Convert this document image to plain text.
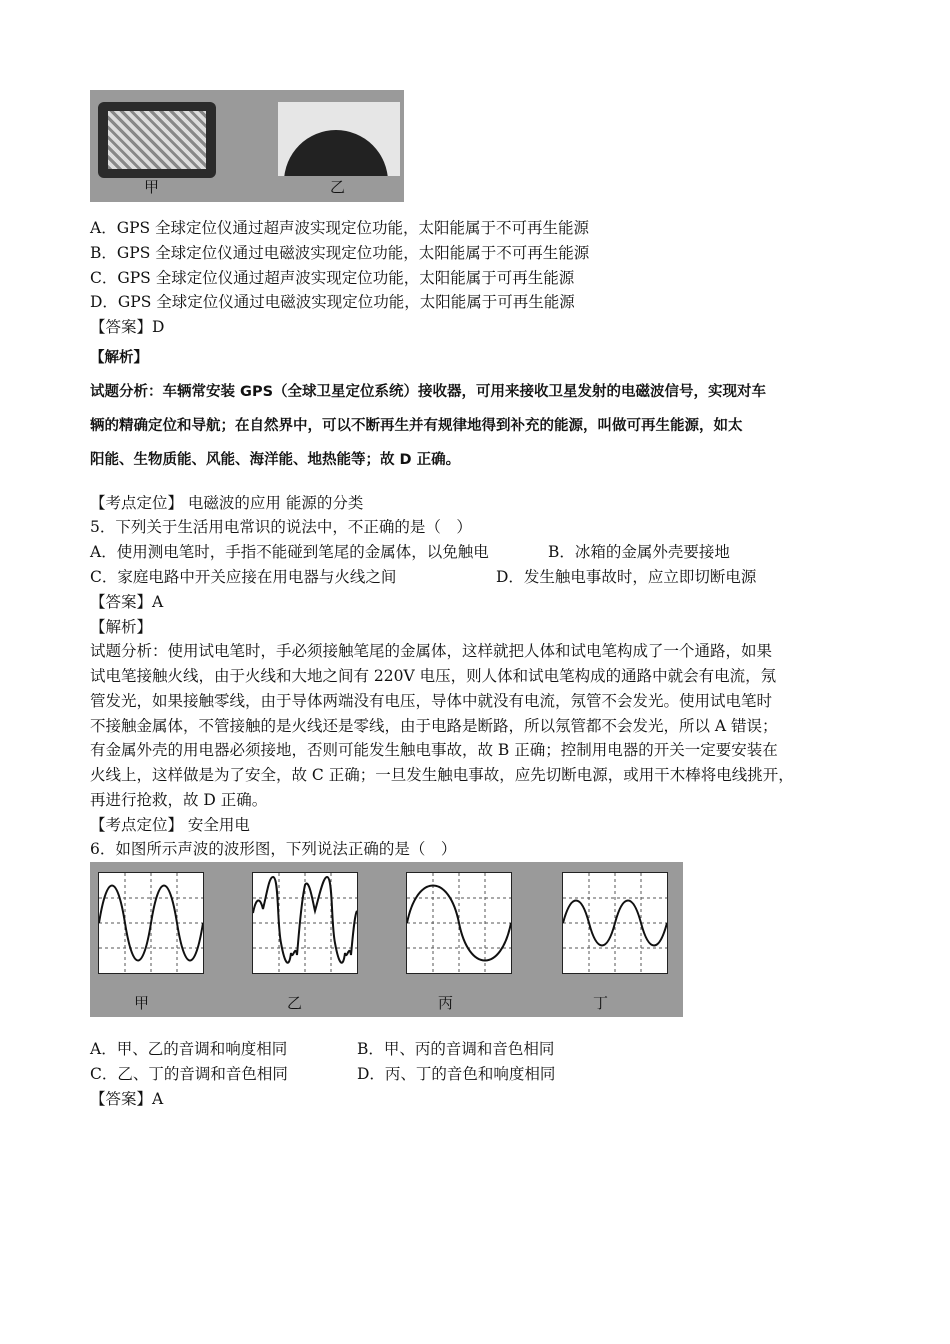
甲	乙
A．GPS 全球定位仪通过超声波实现定位功能，太阳能属于不可再生能源
B．GPS 全球定位仪通过电磁波实现定位功能，太阳能属于不可再生能源
C．GPS 全球定位仪通过超声波实现定位功能，太阳能属于可再生能源
D．GPS 全球定位仪通过电磁波实现定位功能，太阳能属于可再生能源
【答案】D
【解析】
试题分析：车辆常安装 GPS（全球卫星定位系统）接收器，可用来接收卫星发射的电磁波信号，实现对车
辆的精确定位和导航；在自然界中，可以不断再生并有规律地得到补充的能源，叫做可再生能源，如太
阳能、生物质能、风能、海洋能、地热能等；故 D 正确。
【考点定位】 电磁波的应用 能源的分类
5．下列关于生活用电常识的说法中，不正确的是（　）
A．使用测电笔时，手指不能碰到笔尾的金属体，以免触电	B．冰箱的金属外壳要接地
C．家庭电路中开关应接在用电器与火线之间	D．发生触电事故时，应立即切断电源
【答案】A
【解析】
试题分析：使用试电笔时，手必须接触笔尾的金属体，这样就把人体和试电笔构成了一个通路，如果
试电笔接触火线，由于火线和大地之间有 220V 电压，则人体和试电笔构成的通路中就会有电流，氖
管发光，如果接触零线，由于导体两端没有电压，导体中就没有电流，氖管不会发光。使用试电笔时
不接触金属体，不管接触的是火线还是零线，由于电路是断路，所以氖管都不会发光，所以 A 错误；
有金属外壳的用电器必须接地，否则可能发生触电事故，故 B 正确；控制用电器的开关一定要安装在
火线上，这样做是为了安全，故 C 正确；一旦发生触电事故，应先切断电源，或用干木棒将电线挑开，
再进行抢救，故 D 正确。
【考点定位】 安全用电
6．如图所示声波的波形图，下列说法正确的是（　）
甲	乙	丙	丁
A．甲、乙的音调和响度相同	B．甲、丙的音调和音色相同
C．乙、丁的音调和音色相同	D．丙、丁的音色和响度相同
【答案】A
